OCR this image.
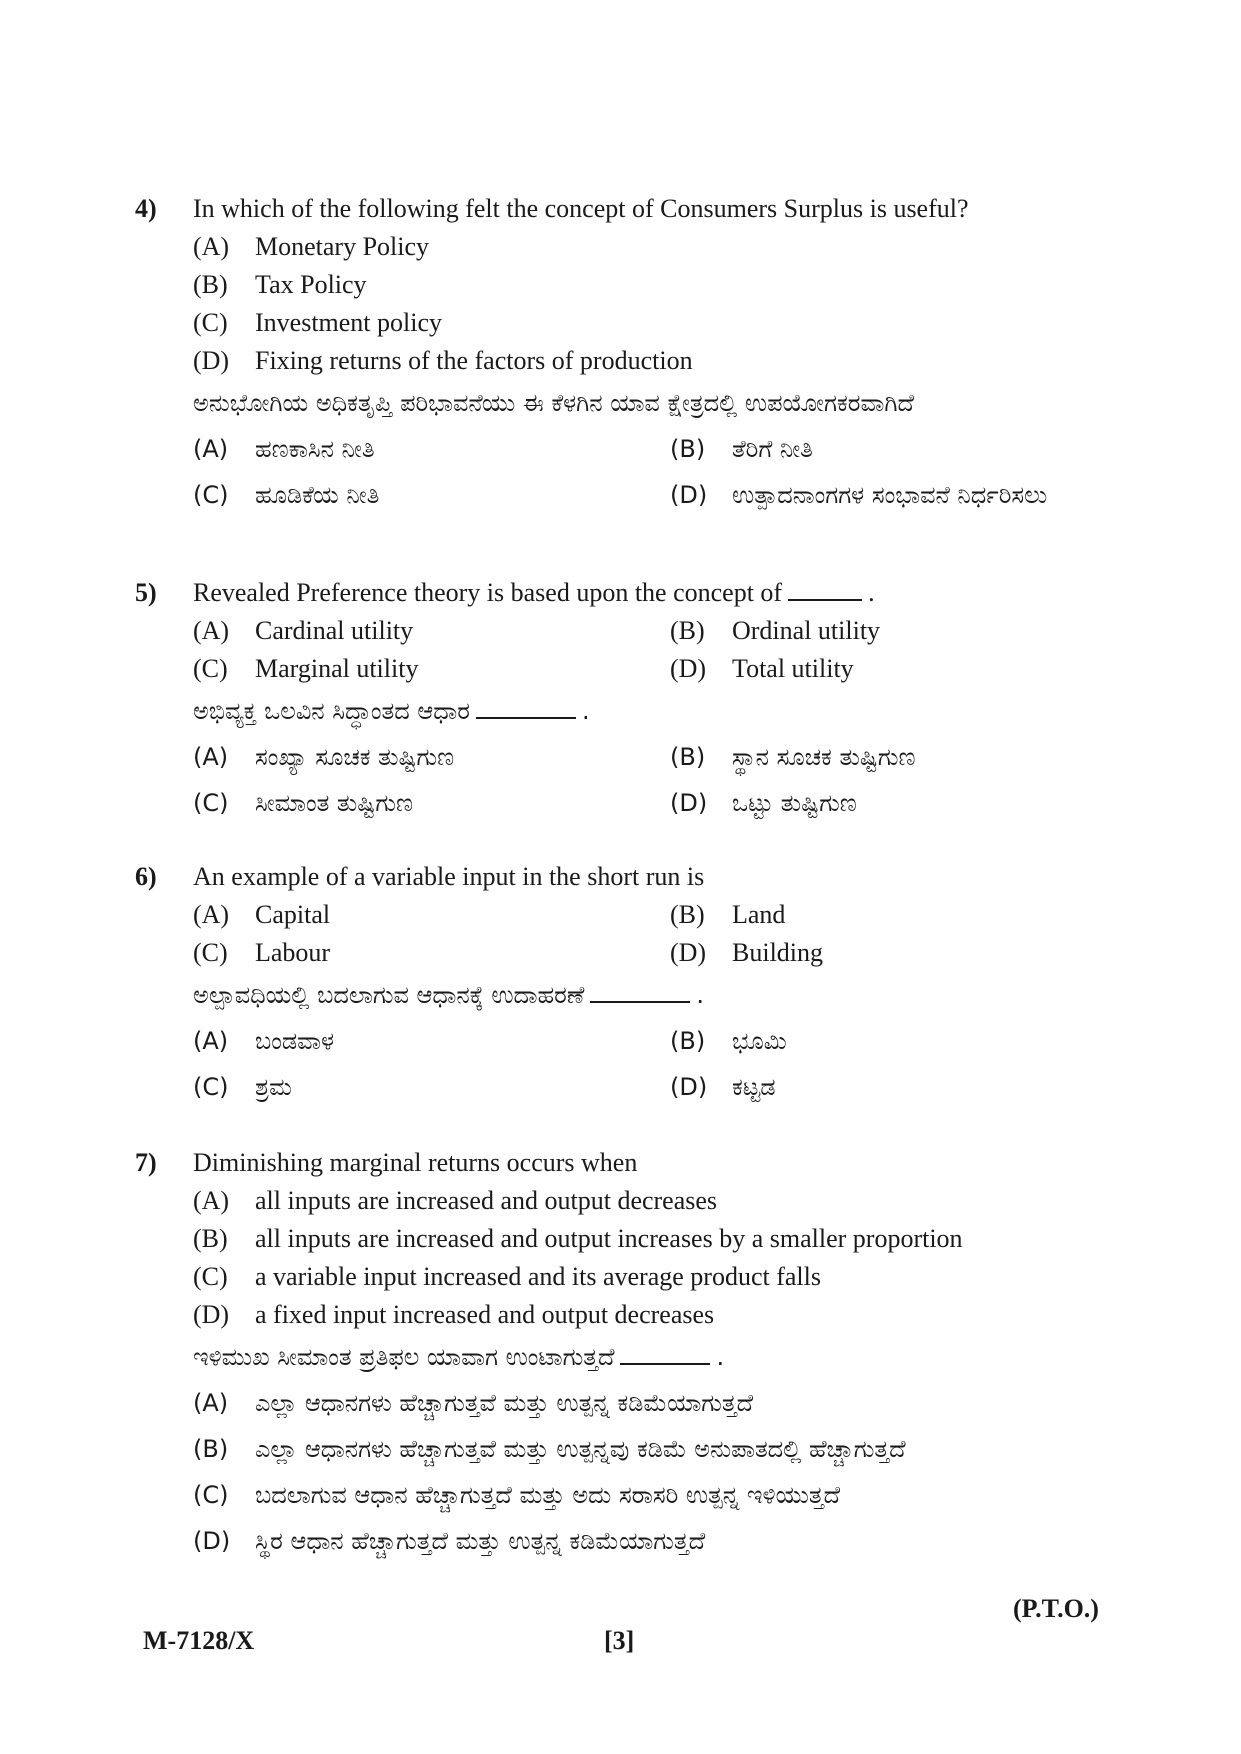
4) In which of the following felt the concept of Consumers Surplus is useful?
(A) Monetary Policy
(B) Tax Policy
(C) Investment policy
(D) Fixing returns of the factors of production
ಅನುಭೋಗಿಯ ಅಧಿಕತೃಪ್ತಿ ಪರಿಭಾವನೆಯು ಈ ಕೆಳಗಿನ ಯಾವ ಕ್ಷೇತ್ರದಲ್ಲಿ ಉಪಯೋಗಕರವಾಗಿದೆ
(A) ಹಣಕಾಸಿನ ನೀತಿ	(B) ತೆರಿಗೆ ನೀತಿ
(C) ಹೂಡಿಕೆಯ ನೀತಿ	(D) ಉತ್ಪಾದನಾಂಗಗಳ ಸಂಭಾವನೆ ನಿರ್ಧರಿಸಲು
5) Revealed Preference theory is based upon the concept of	.
(A) Cardinal utility	(B) Ordinal utility
(C) Marginal utility	(D) Total utility
ಅಭಿವ್ಯಕ್ತ ಒಲವಿನ ಸಿದ್ಧಾಂತದ ಆಧಾರ	.
(A) ಸಂಖ್ಯಾ ಸೂಚಕ ತುಷ್ಟಿಗುಣ	(B) ಸ್ಥಾನ ಸೂಚಕ ತುಷ್ಟಿಗುಣ
(C) ಸೀಮಾಂತ ತುಷ್ಟಿಗುಣ	(D) ಒಟ್ಟು ತುಷ್ಟಿಗುಣ
6) An example of a variable input in the short run is
(A) Capital	(B) Land
(C) Labour	(D) Building
ಅಲ್ಪಾವಧಿಯಲ್ಲಿ ಬದಲಾಗುವ ಆಧಾನಕ್ಕೆ ಉದಾಹರಣೆ	.
(A) ಬಂಡವಾಳ	(B) ಭೂಮಿ
(C) ಶ್ರಮ	(D) ಕಟ್ಟಡ
7) Diminishing marginal returns occurs when
(A) all inputs are increased and output decreases
(B) all inputs are increased and output increases by a smaller proportion
(C) a variable input increased and its average product falls
(D) a fixed input increased and output decreases
ಇಳಿಮುಖ ಸೀಮಾಂತ ಪ್ರತಿಫಲ ಯಾವಾಗ ಉಂಟಾಗುತ್ತದೆ	.
(A) ಎಲ್ಲಾ ಆಧಾನಗಳು ಹೆಚ್ಚಾಗುತ್ತವೆ ಮತ್ತು ಉತ್ಪನ್ನ ಕಡಿಮೆಯಾಗುತ್ತದೆ
(B) ಎಲ್ಲಾ ಆಧಾನಗಳು ಹೆಚ್ಚಾಗುತ್ತವೆ ಮತ್ತು ಉತ್ಪನ್ನವು ಕಡಿಮೆ ಅನುಪಾತದಲ್ಲಿ ಹೆಚ್ಚಾಗುತ್ತದೆ
(C) ಬದಲಾಗುವ ಆಧಾನ ಹೆಚ್ಚಾಗುತ್ತದೆ ಮತ್ತು ಅದು ಸರಾಸರಿ ಉತ್ಪನ್ನ ಇಳಿಯುತ್ತದೆ
(D) ಸ್ಥಿರ ಆಧಾನ ಹೆಚ್ಚಾಗುತ್ತದೆ ಮತ್ತು ಉತ್ಪನ್ನ ಕಡಿಮೆಯಾಗುತ್ತದೆ
M-7128/X	[3]
(P.T.O.)
